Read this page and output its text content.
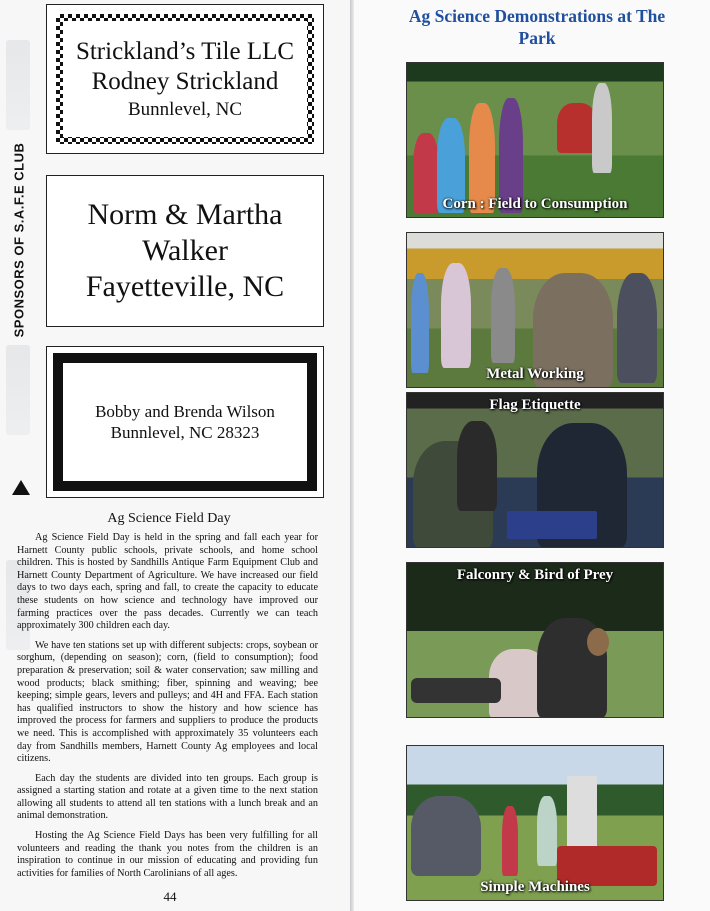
SPONSORS OF S.A.F.E CLUB
Strickland’s Tile LLC
Rodney Strickland
Bunnlevel, NC
Norm & Martha Walker
Fayetteville, NC
Bobby and Brenda Wilson
Bunnlevel, NC 28323
Ag Science Field Day

Ag Science Field Day is held in the spring and fall each year for Harnett County public schools, private schools, and home school children. This is hosted by Sandhills Antique Farm Equipment Club and Harnett County Department of Agriculture. We have increased our field days to two days each, spring and fall, to create the capacity to educate these students on how science and technology have improved our farming practices over the pass decades. Currently we can teach approximately 300 children each day.

We have ten stations set up with different subjects: crops, soybean or sorghum, (depending on season); corn, (field to consumption); food preparation & preservation; soil & water conservation; saw milling and wood products; black smithing; fiber, spinning and weaving; bee keeping; simple gears, levers and pulleys; and 4H and FFA. Each station has qualified instructors to show the history and how science has improved the process for farmers and suppliers to produce the products we need. This is accomplished with approximately 35 volunteers each day from Sandhills members, Harnett County Ag employees and local citizens.

Each day the students are divided into ten groups. Each group is assigned a starting station and rotate at a given time to the next station allowing all students to attend all ten stations with a lunch break and an animal demonstration.

Hosting the Ag Science Field Days has been very fulfilling for all volunteers and reading the thank you notes from the children is an inspiration to continue in our mission of educating and providing fun activities for families of North Carolinians of all ages.

44
Ag Science Demonstrations at The Park
Corn : Field to Consumption
Metal Working
Flag Etiquette
Falconry & Bird of Prey
Simple Machines
